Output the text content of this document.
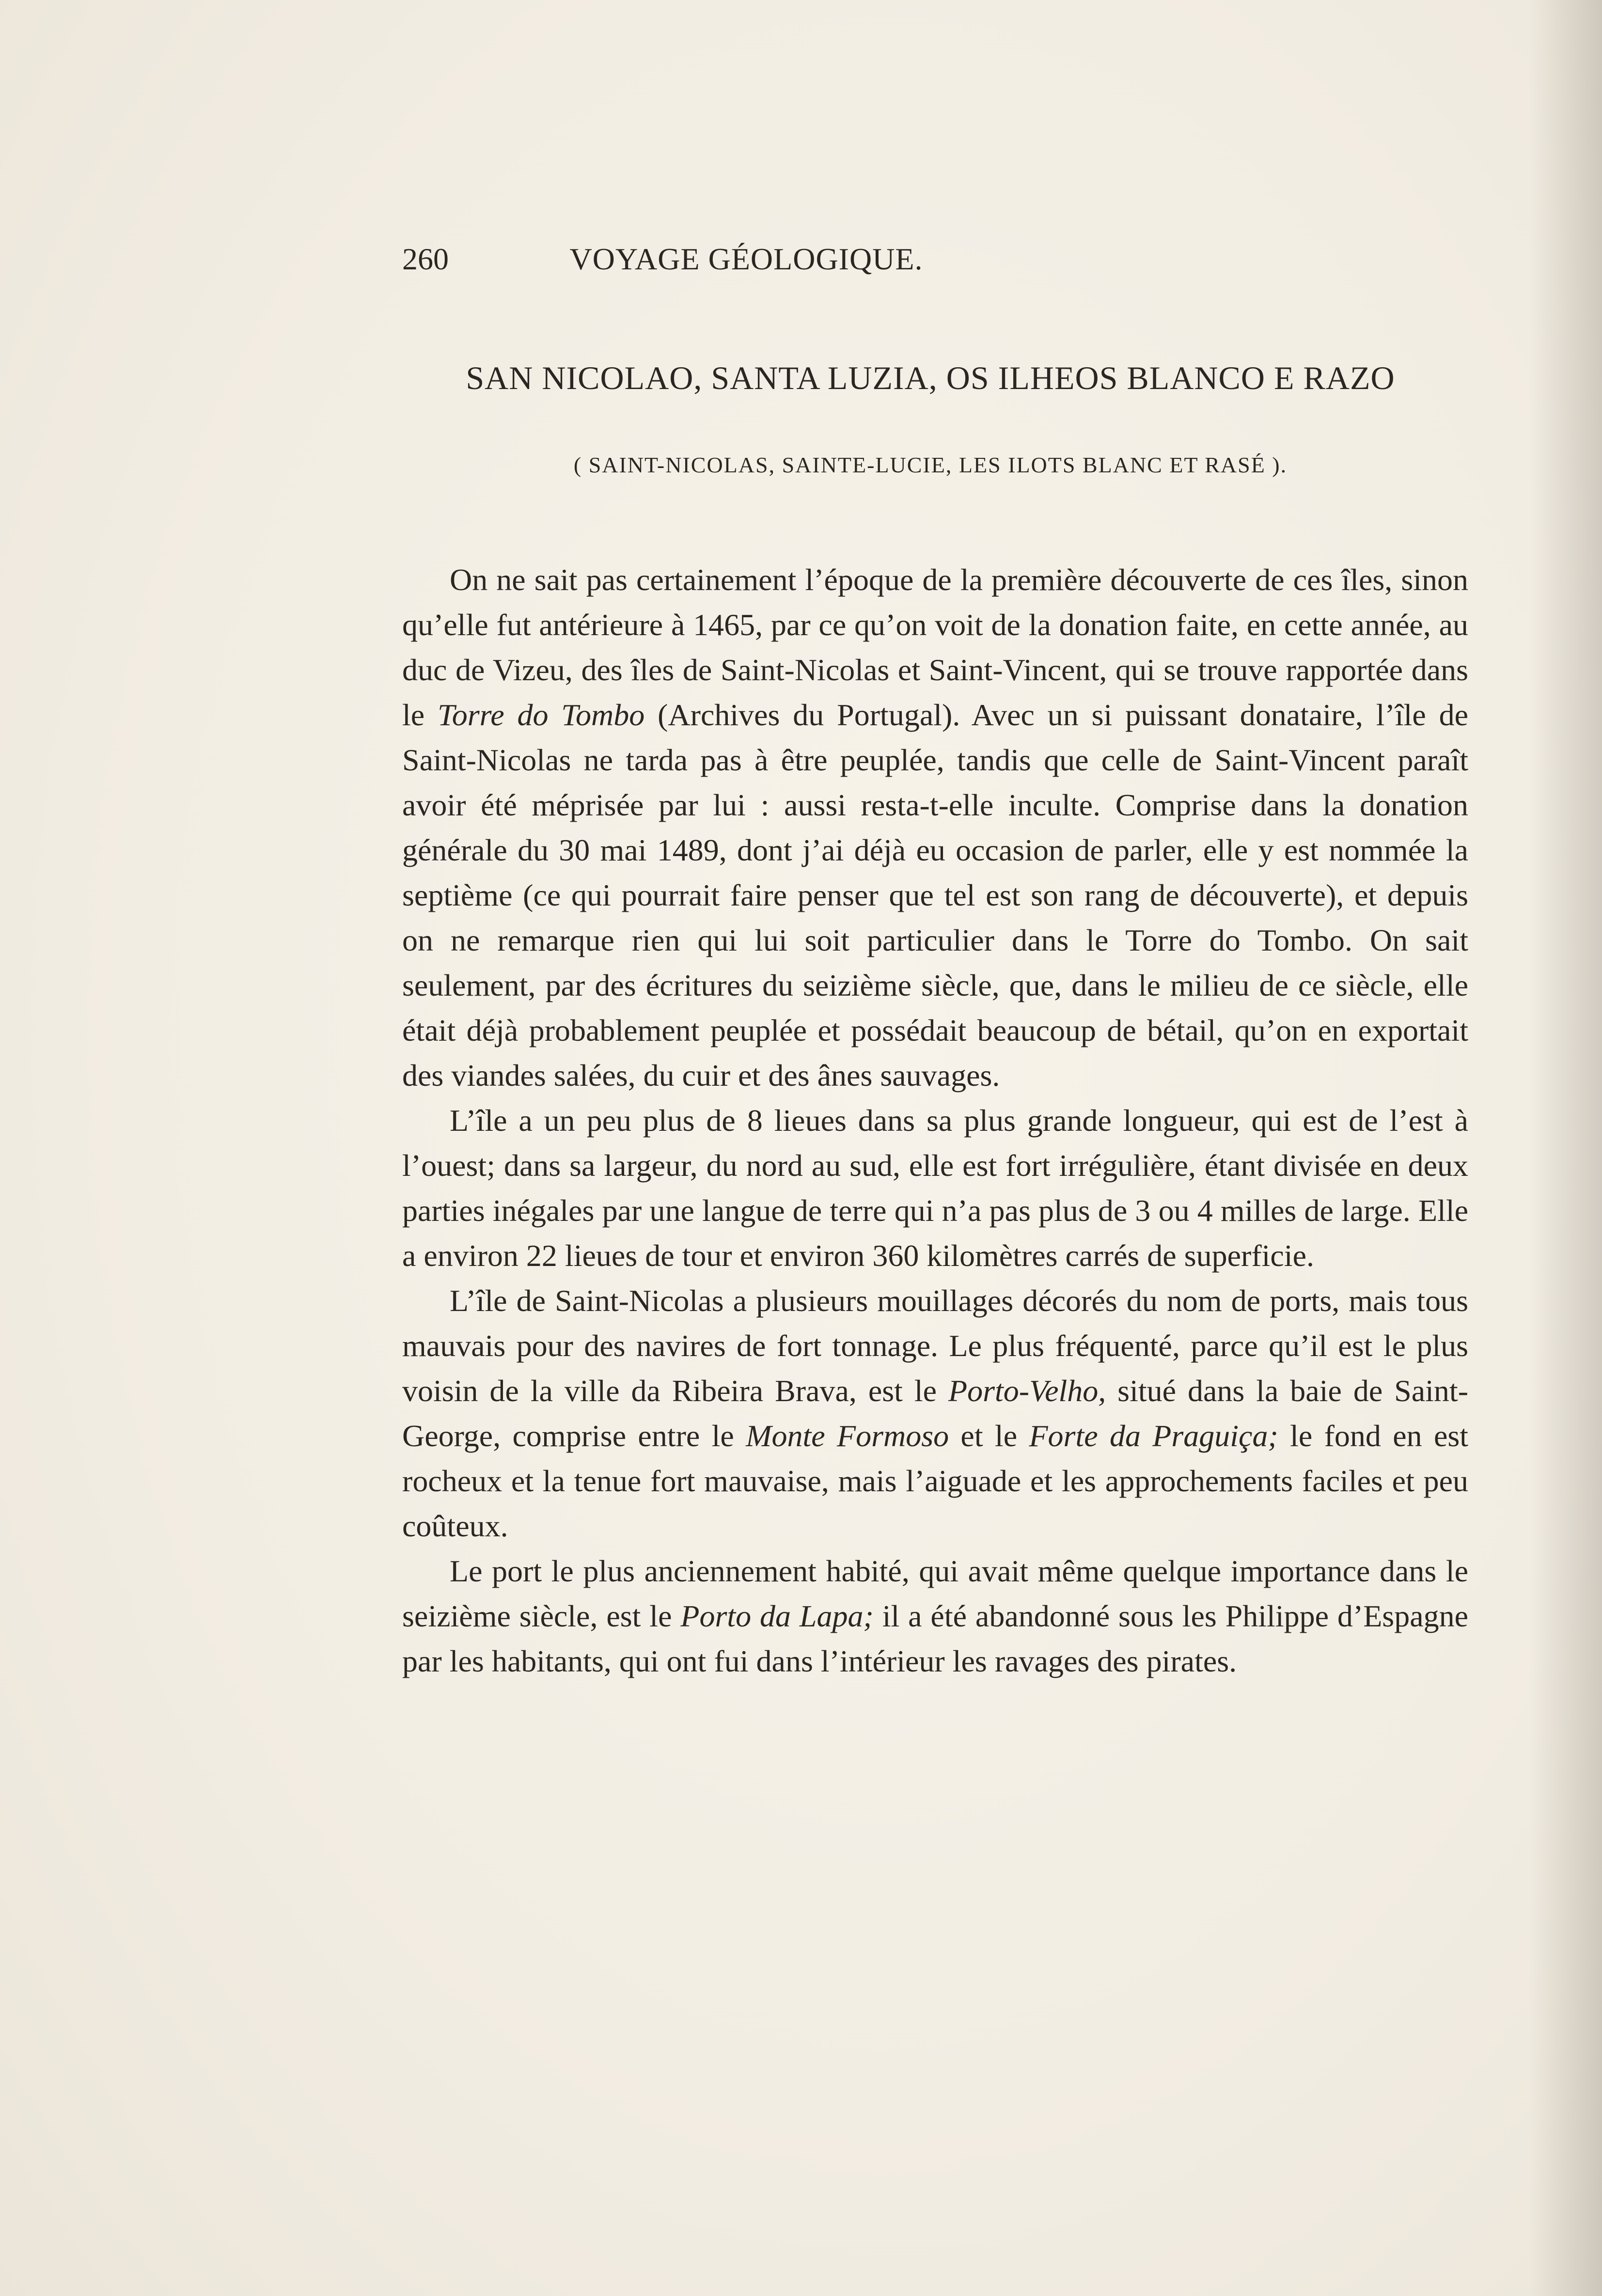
260	VOYAGE GÉOLOGIQUE.
SAN NICOLAO, SANTA LUZIA, OS ILHEOS BLANCO E RAZO
( SAINT-NICOLAS, SAINTE-LUCIE, LES ILOTS BLANC ET RASÉ ).

On ne sait pas certainement l’époque de la première découverte de ces îles, sinon qu’elle fut antérieure à 1465, par ce qu’on voit de la donation faite, en cette année, au duc de Vizeu, des îles de Saint-Nicolas et Saint-Vincent, qui se trouve rapportée dans le Torre do Tombo (Archives du Portugal). Avec un si puissant donataire, l’île de Saint-Nicolas ne tarda pas à être peuplée, tandis que celle de Saint-Vincent paraît avoir été méprisée par lui : aussi resta-t-elle inculte. Comprise dans la donation générale du 30 mai 1489, dont j’ai déjà eu occasion de parler, elle y est nommée la septième (ce qui pourrait faire penser que tel est son rang de découverte), et depuis on ne remarque rien qui lui soit particulier dans le Torre do Tombo. On sait seulement, par des écritures du seizième siècle, que, dans le milieu de ce siècle, elle était déjà probablement peuplée et possédait beaucoup de bétail, qu’on en exportait des viandes salées, du cuir et des ânes sauvages.

L’île a un peu plus de 8 lieues dans sa plus grande longueur, qui est de l’est à l’ouest; dans sa largeur, du nord au sud, elle est fort irrégulière, étant divisée en deux parties inégales par une langue de terre qui n’a pas plus de 3 ou 4 milles de large. Elle a environ 22 lieues de tour et environ 360 kilomètres carrés de superficie.

L’île de Saint-Nicolas a plusieurs mouillages décorés du nom de ports, mais tous mauvais pour des navires de fort tonnage. Le plus fréquenté, parce qu’il est le plus voisin de la ville da Ribeira Brava, est le Porto-Velho, situé dans la baie de Saint-George, comprise entre le Monte Formoso et le Forte da Praguiça; le fond en est rocheux et la tenue fort mauvaise, mais l’aiguade et les approchements faciles et peu coûteux.

Le port le plus anciennement habité, qui avait même quelque importance dans le seizième siècle, est le Porto da Lapa; il a été abandonné sous les Philippe d’Espagne par les habitants, qui ont fui dans l’intérieur les ravages des pirates.
